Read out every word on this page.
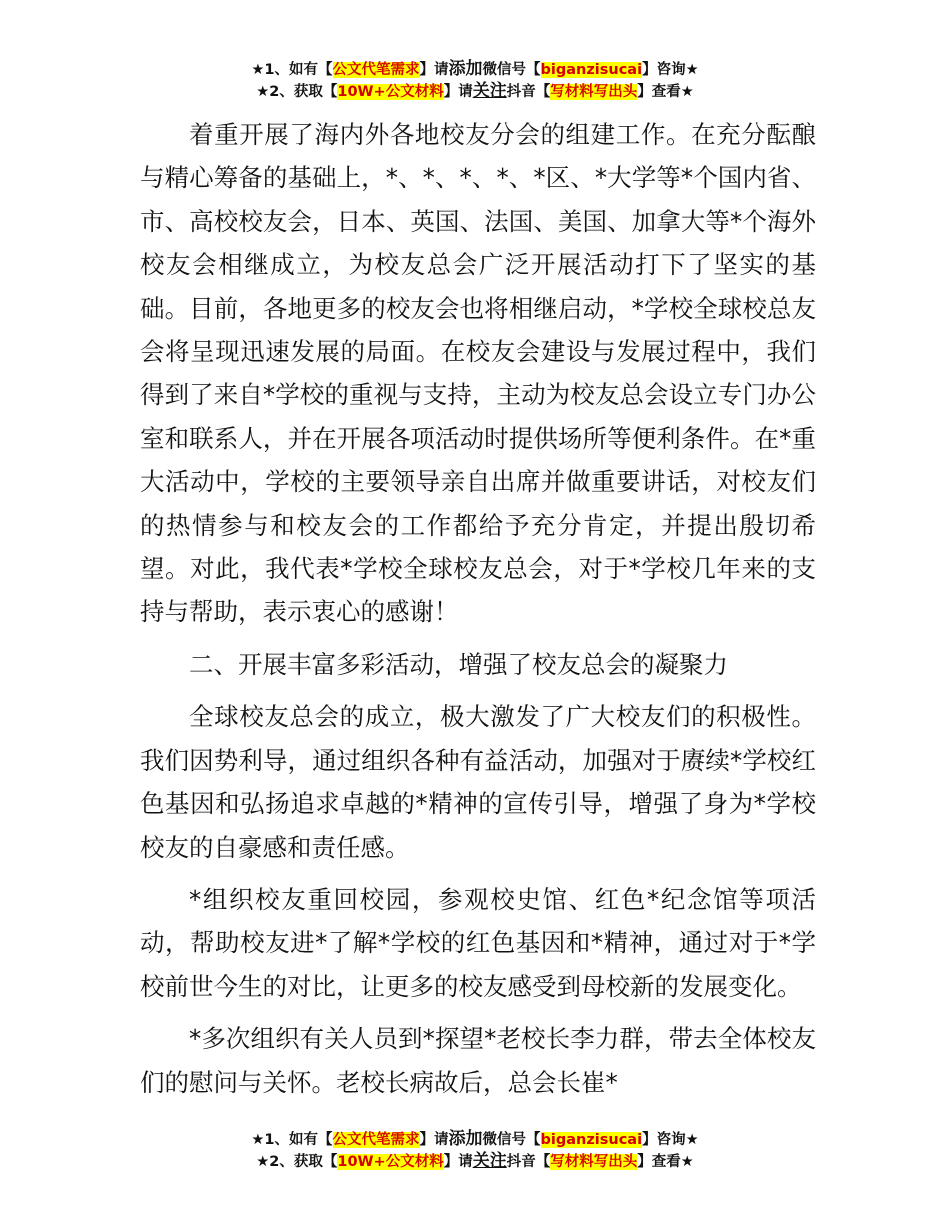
★1、如有【公文代笔需求】请添加微信号【biganzisucai】咨询★
★2、获取【10W+公文材料】请关注抖音【写材料写出头】查看★

着重开展了海内外各地校友分会的组建工作。在充分酝酿与精心筹备的基础上，*、*、*、*、*区、*大学等*个国内省、市、高校校友会，日本、英国、法国、美国、加拿大等*个海外校友会相继成立，为校友总会广泛开展活动打下了坚实的基础。目前，各地更多的校友会也将相继启动，*学校全球校总友会将呈现迅速发展的局面。在校友会建设与发展过程中，我们得到了来自*学校的重视与支持，主动为校友总会设立专门办公室和联系人，并在开展各项活动时提供场所等便利条件。在*重大活动中，学校的主要领导亲自出席并做重要讲话，对校友们的热情参与和校友会的工作都给予充分肯定，并提出殷切希望。对此，我代表*学校全球校友总会，对于*学校几年来的支持与帮助，表示衷心的感谢！

二、开展丰富多彩活动，增强了校友总会的凝聚力

全球校友总会的成立，极大激发了广大校友们的积极性。我们因势利导，通过组织各种有益活动，加强对于赓续*学校红色基因和弘扬追求卓越的*精神的宣传引导，增强了身为*学校校友的自豪感和责任感。

*组织校友重回校园，参观校史馆、红色*纪念馆等项活动，帮助校友进*了解*学校的红色基因和*精神，通过对于*学校前世今生的对比，让更多的校友感受到母校新的发展变化。

*多次组织有关人员到*探望*老校长李力群，带去全体校友们的慰问与关怀。老校长病故后，总会长崔*

★1、如有【公文代笔需求】请添加微信号【biganzisucai】咨询★
★2、获取【10W+公文材料】请关注抖音【写材料写出头】查看★
